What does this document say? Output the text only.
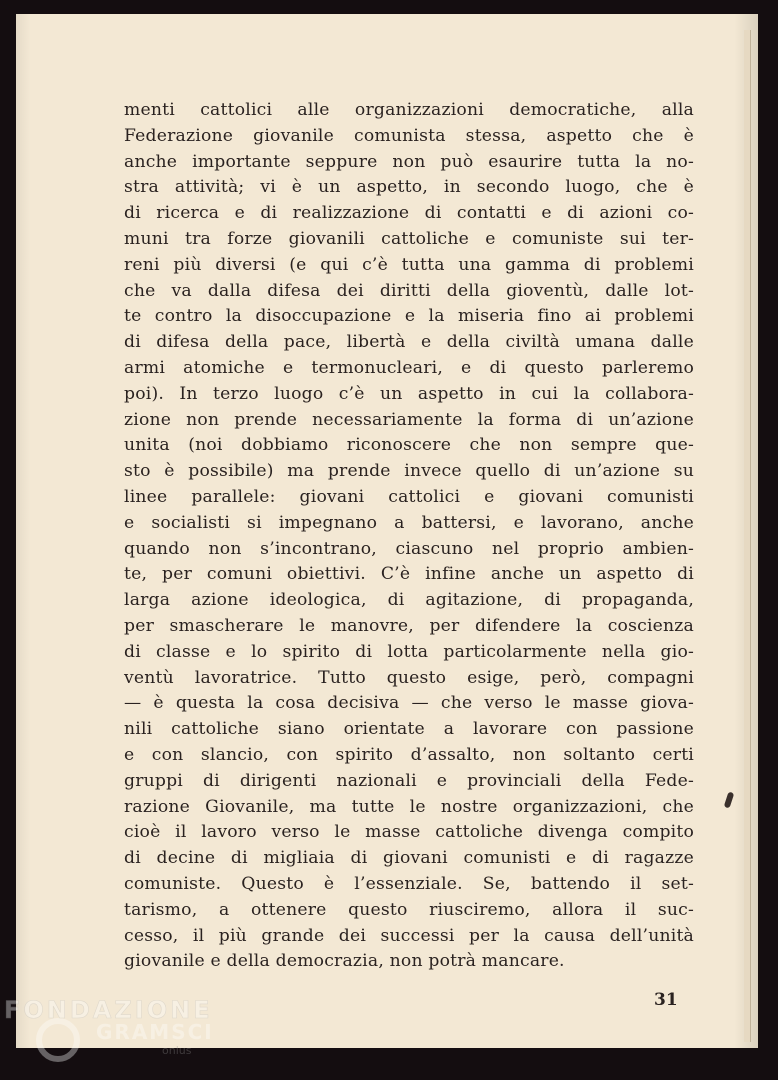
menti cattolici alle organizzazioni democratiche, alla
Federazione giovanile comunista stessa, aspetto che è
anche importante seppure non può esaurire tutta la no-
stra attività; vi è un aspetto, in secondo luogo, che è
di ricerca e di realizzazione di contatti e di azioni co-
muni tra forze giovanili cattoliche e comuniste sui ter-
reni più diversi (e qui c’è tutta una gamma di problemi
che va dalla difesa dei diritti della gioventù, dalle lot-
te contro la disoccupazione e la miseria fino ai problemi
di difesa della pace, libertà e della civiltà umana dalle
armi atomiche e termonucleari, e di questo parleremo
poi). In terzo luogo c’è un aspetto in cui la collabora-
zione non prende necessariamente la forma di un’azione
unita (noi dobbiamo riconoscere che non sempre que-
sto è possibile) ma prende invece quello di un’azione su
linee parallele: giovani cattolici e giovani comunisti
e socialisti si impegnano a battersi, e lavorano, anche
quando non s’incontrano, ciascuno nel proprio ambien-
te, per comuni obiettivi. C’è infine anche un aspetto di
larga azione ideologica, di agitazione, di propaganda,
per smascherare le manovre, per difendere la coscienza
di classe e lo spirito di lotta particolarmente nella gio-
ventù lavoratrice. Tutto questo esige, però, compagni
— è questa la cosa decisiva — che verso le masse giova-
nili cattoliche siano orientate a lavorare con passione
e con slancio, con spirito d’assalto, non soltanto certi
gruppi di dirigenti nazionali e provinciali della Fede-
razione Giovanile, ma tutte le nostre organizzazioni, che
cioè il lavoro verso le masse cattoliche divenga compito
di decine di migliaia di giovani comunisti e di ragazze
comuniste. Questo è l’essenziale. Se, battendo il set-
tarismo, a ottenere questo riusciremo, allora il suc-
cesso, il più grande dei successi per la causa dell’unità
giovanile e della democrazia, non potrà mancare.
31
FONDAZIONE
GRAMSCI
onlus
